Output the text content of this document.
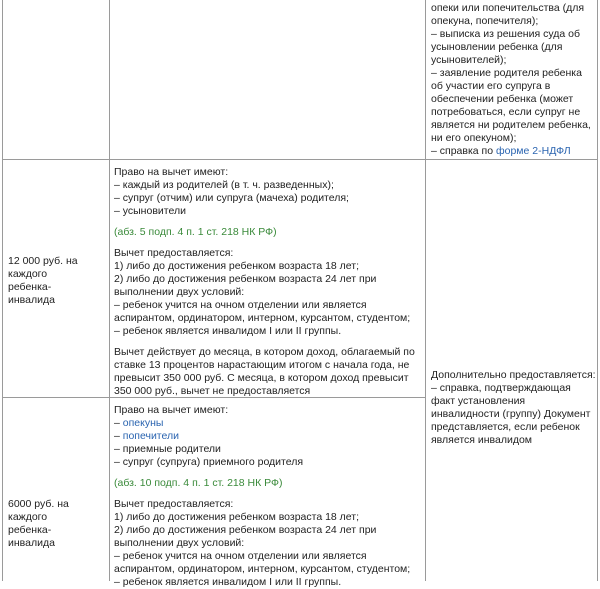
опеки или попечительства (для

опекуна, попечителя);

– выписка из решения суда об

усыновлении ребенка (для

усыновителей);

– заявление родителя ребенка

об участии его супруга в

обеспечении ребенка (может

потребоваться, если супруг не

является ни родителем ребенка,

ни его опекуном);

– справка по форме 2-НДФЛ

12 000 руб. на

каждого

ребенка-

инвалида

Право на вычет имеют:

– каждый из родителей (в т. ч. разведенных);

– супруг (отчим) или супруга (мачеха) родителя;

– усыновители

(абз. 5 подп. 4 п. 1 ст. 218 НК РФ)

Вычет предоставляется:

1) либо до достижения ребенком возраста 18 лет;

2) либо до достижения ребенком возраста 24 лет при

выполнении двух условий:

– ребенок учится на очном отделении или является

аспирантом, ординатором, интерном, курсантом, студентом;

– ребенок является инвалидом I или II группы.

Вычет действует до месяца, в котором доход, облагаемый по

ставке 13 процентов нарастающим итогом с начала года, не

превысит 350 000 руб. С месяца, в котором доход превысит

350 000 руб., вычет не предоставляется

Дополнительно предоставляется:

– справка, подтверждающая

факт установления

инвалидности (группу) Документ

представляется, если ребенок

является инвалидом

6000 руб. на

каждого

ребенка-

инвалида

Право на вычет имеют:

– опекуны

– попечители

– приемные родители

– супруг (супруга) приемного родителя

(абз. 10 подп. 4 п. 1 ст. 218 НК РФ)

Вычет предоставляется:

1) либо до достижения ребенком возраста 18 лет;

2) либо до достижения ребенком возраста 24 лет при

выполнении двух условий:

– ребенок учится на очном отделении или является

аспирантом, ординатором, интерном, курсантом, студентом;

– ребенок является инвалидом I или II группы.
